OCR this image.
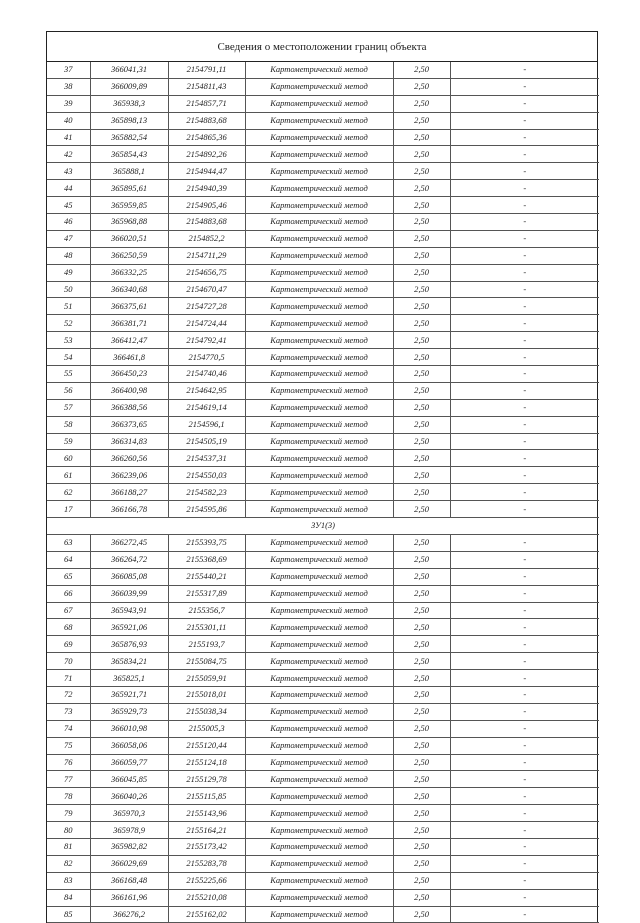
Сведения о местоположении границ объекта
37	366041,31	2154791,11	Картометрический метод	2,50	-
38	366009,89	2154811,43	Картометрический метод	2,50	-
39	365938,3	2154857,71	Картометрический метод	2,50	-
40	365898,13	2154883,68	Картометрический метод	2,50	-
41	365882,54	2154865,36	Картометрический метод	2,50	-
42	365854,43	2154892,26	Картометрический метод	2,50	-
43	365888,1	2154944,47	Картометрический метод	2,50	-
44	365895,61	2154940,39	Картометрический метод	2,50	-
45	365959,85	2154905,46	Картометрический метод	2,50	-
46	365968,88	2154883,68	Картометрический метод	2,50	-
47	366020,51	2154852,2	Картометрический метод	2,50	-
48	366250,59	2154711,29	Картометрический метод	2,50	-
49	366332,25	2154656,75	Картометрический метод	2,50	-
50	366340,68	2154670,47	Картометрический метод	2,50	-
51	366375,61	2154727,28	Картометрический метод	2,50	-
52	366381,71	2154724,44	Картометрический метод	2,50	-
53	366412,47	2154792,41	Картометрический метод	2,50	-
54	366461,8	2154770,5	Картометрический метод	2,50	-
55	366450,23	2154740,46	Картометрический метод	2,50	-
56	366400,98	2154642,95	Картометрический метод	2,50	-
57	366388,56	2154619,14	Картометрический метод	2,50	-
58	366373,65	2154596,1	Картометрический метод	2,50	-
59	366314,83	2154505,19	Картометрический метод	2,50	-
60	366260,56	2154537,31	Картометрический метод	2,50	-
61	366239,06	2154550,03	Картометрический метод	2,50	-
62	366188,27	2154582,23	Картометрический метод	2,50	-
17	366166,78	2154595,86	Картометрический метод	2,50	-
ЗУ1(3)					
63	366272,45	2155393,75	Картометрический метод	2,50	-
64	366264,72	2155368,69	Картометрический метод	2,50	-
65	366085,08	2155440,21	Картометрический метод	2,50	-
66	366039,99	2155317,89	Картометрический метод	2,50	-
67	365943,91	2155356,7	Картометрический метод	2,50	-
68	365921,06	2155301,11	Картометрический метод	2,50	-
69	365876,93	2155193,7	Картометрический метод	2,50	-
70	365834,21	2155084,75	Картометрический метод	2,50	-
71	365825,1	2155059,91	Картометрический метод	2,50	-
72	365921,71	2155018,01	Картометрический метод	2,50	-
73	365929,73	2155038,34	Картометрический метод	2,50	-
74	366010,98	2155005,3	Картометрический метод	2,50	-
75	366058,06	2155120,44	Картометрический метод	2,50	-
76	366059,77	2155124,18	Картометрический метод	2,50	-
77	366045,85	2155129,78	Картометрический метод	2,50	-
78	366040,26	2155115,85	Картометрический метод	2,50	-
79	365970,3	2155143,96	Картометрический метод	2,50	-
80	365978,9	2155164,21	Картометрический метод	2,50	-
81	365982,82	2155173,42	Картометрический метод	2,50	-
82	366029,69	2155283,78	Картометрический метод	2,50	-
83	366168,48	2155225,66	Картометрический метод	2,50	-
84	366161,96	2155210,08	Картометрический метод	2,50	-
85	366276,2	2155162,02	Картометрический метод	2,50	-
